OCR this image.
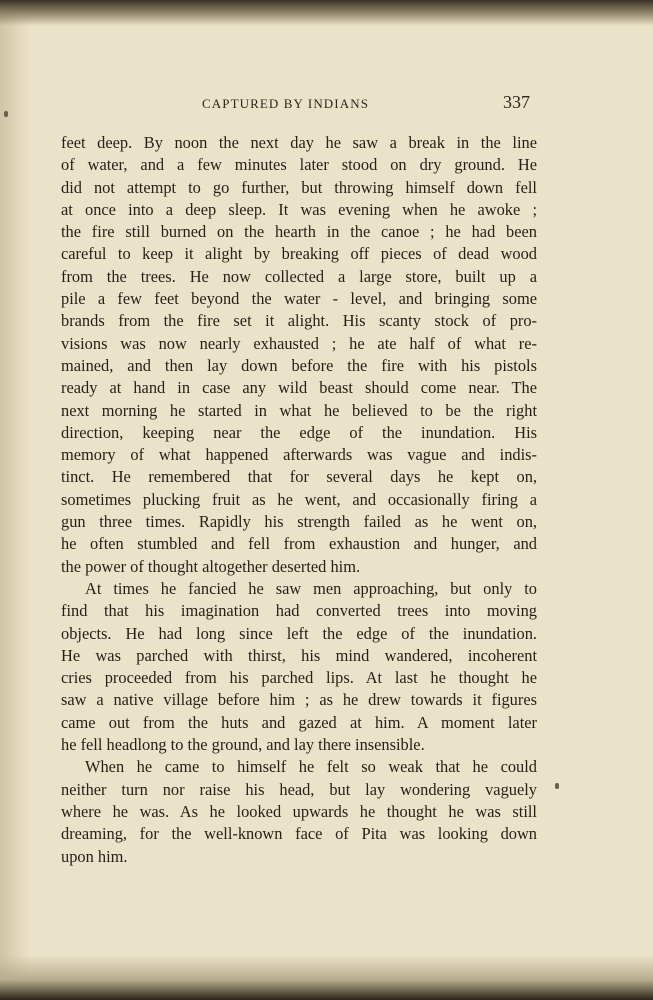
CAPTURED BY INDIANS	337
feet deep. By noon the next day he saw a break in the line
of water, and a few minutes later stood on dry ground. He
did not attempt to go further, but throwing himself down fell
at once into a deep sleep. It was evening when he awoke ;
the fire still burned on the hearth in the canoe ; he had been
careful to keep it alight by breaking off pieces of dead wood
from the trees. He now collected a large store, built up a
pile a few feet beyond the water - level, and bringing some
brands from the fire set it alight. His scanty stock of pro-
visions was now nearly exhausted ; he ate half of what re-
mained, and then lay down before the fire with his pistols
ready at hand in case any wild beast should come near. The
next morning he started in what he believed to be the right
direction, keeping near the edge of the inundation. His
memory of what happened afterwards was vague and indis-
tinct. He remembered that for several days he kept on,
sometimes plucking fruit as he went, and occasionally firing a
gun three times. Rapidly his strength failed as he went on,
he often stumbled and fell from exhaustion and hunger, and
the power of thought altogether deserted him.
At times he fancied he saw men approaching, but only to
find that his imagination had converted trees into moving
objects. He had long since left the edge of the inundation.
He was parched with thirst, his mind wandered, incoherent
cries proceeded from his parched lips. At last he thought he
saw a native village before him ; as he drew towards it figures
came out from the huts and gazed at him. A moment later
he fell headlong to the ground, and lay there insensible.
When he came to himself he felt so weak that he could
neither turn nor raise his head, but lay wondering vaguely
where he was. As he looked upwards he thought he was still
dreaming, for the well-known face of Pita was looking down
upon him.
